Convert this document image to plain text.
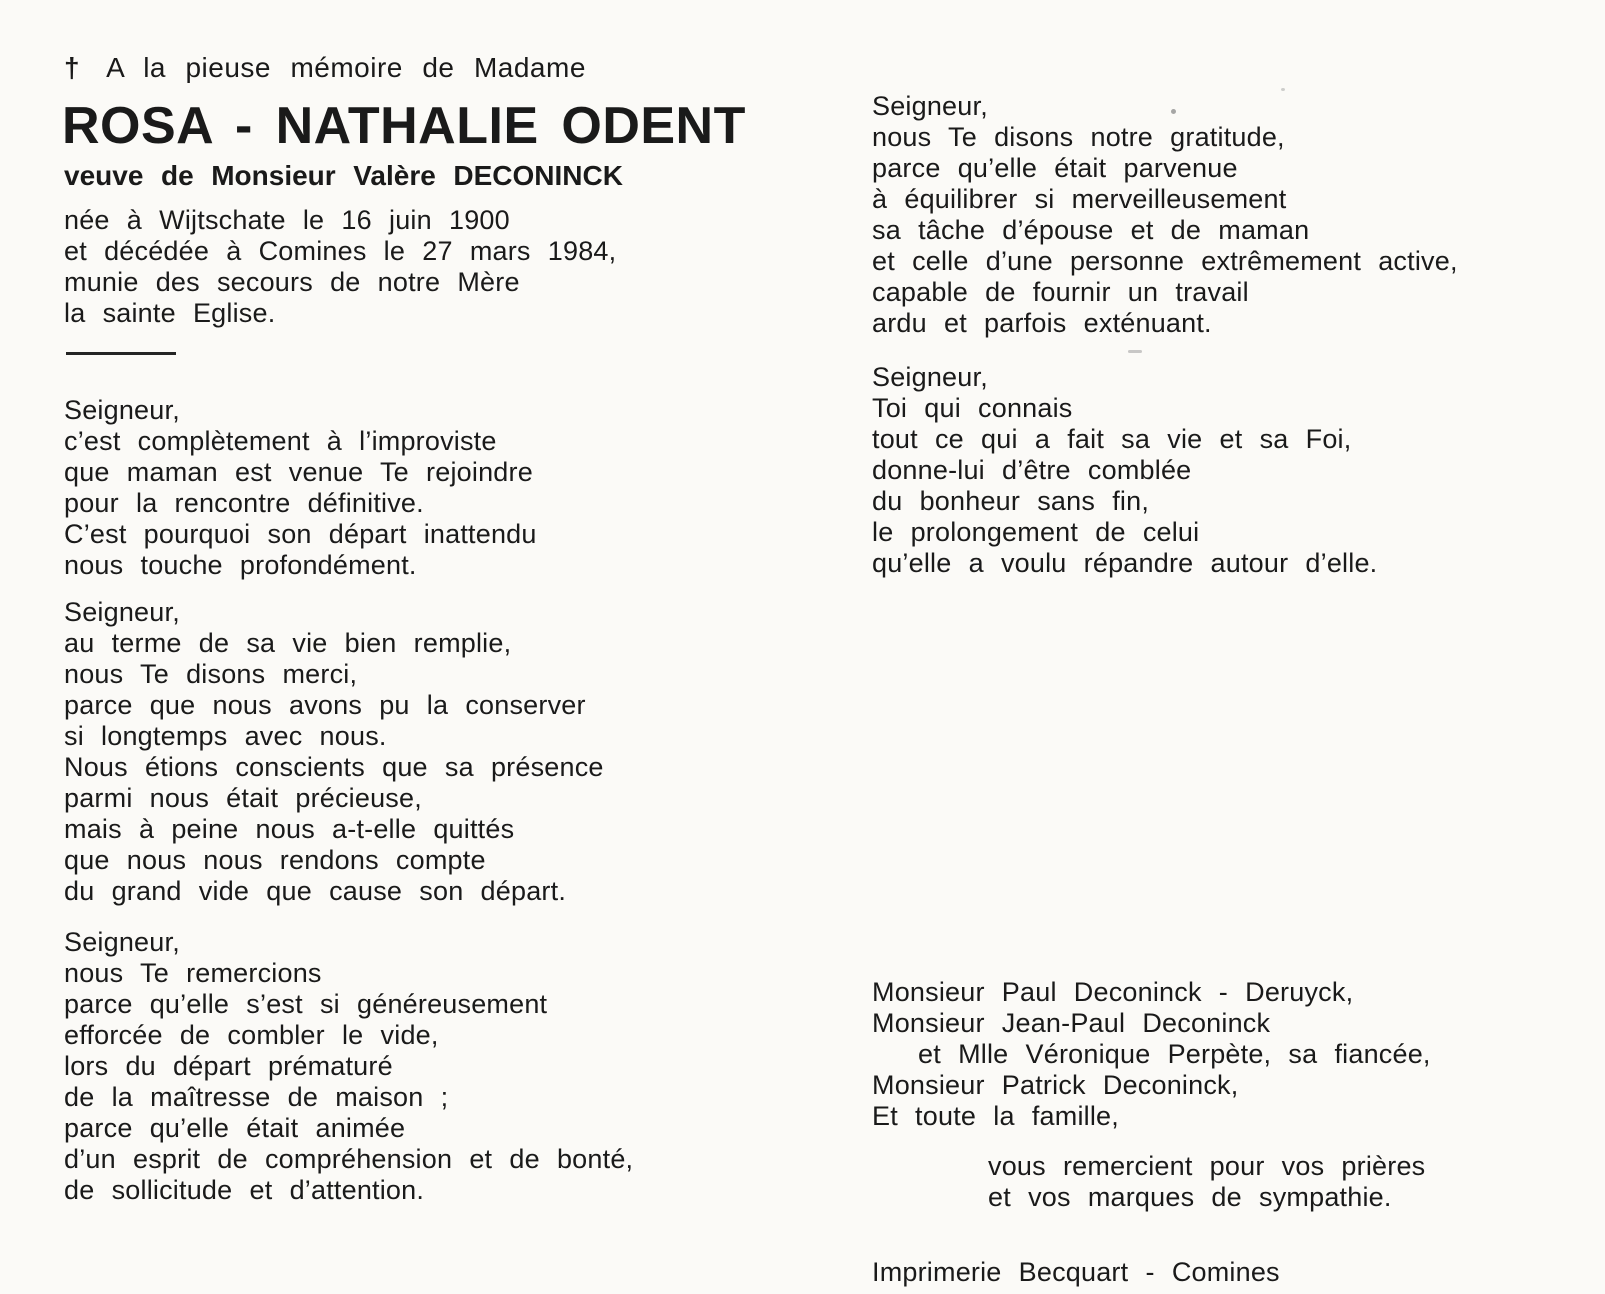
† A la pieuse mémoire de Madame
ROSA - NATHALIE ODENT
veuve de Monsieur Valère DECONINCK
née à Wijtschate le 16 juin 1900
et décédée à Comines le 27 mars 1984,
munie des secours de notre Mère
la sainte Eglise.
Seigneur,
c’est complètement à l’improviste
que maman est venue Te rejoindre
pour la rencontre définitive.
C’est pourquoi son départ inattendu
nous touche profondément.
Seigneur,
au terme de sa vie bien remplie,
nous Te disons merci,
parce que nous avons pu la conserver
si longtemps avec nous.
Nous étions conscients que sa présence
parmi nous était précieuse,
mais à peine nous a-t-elle quittés
que nous nous rendons compte
du grand vide que cause son départ.
Seigneur,
nous Te remercions
parce qu’elle s’est si généreusement
efforcée de combler le vide,
lors du départ prématuré
de la maîtresse de maison ;
parce qu’elle était animée
d’un esprit de compréhension et de bonté,
de sollicitude et d’attention.
Seigneur,
nous Te disons notre gratitude,
parce qu’elle était parvenue
à équilibrer si merveilleusement
sa tâche d’épouse et de maman
et celle d’une personne extrêmement active,
capable de fournir un travail
ardu et parfois exténuant.
Seigneur,
Toi qui connais
tout ce qui a fait sa vie et sa Foi,
donne-lui d’être comblée
du bonheur sans fin,
le prolongement de celui
qu’elle a voulu répandre autour d’elle.
Monsieur Paul Deconinck - Deruyck,
Monsieur Jean-Paul Deconinck
et Mlle Véronique Perpète, sa fiancée,
Monsieur Patrick Deconinck,
Et toute la famille,
vous remercient pour vos prières
et vos marques de sympathie.
Imprimerie Becquart - Comines
